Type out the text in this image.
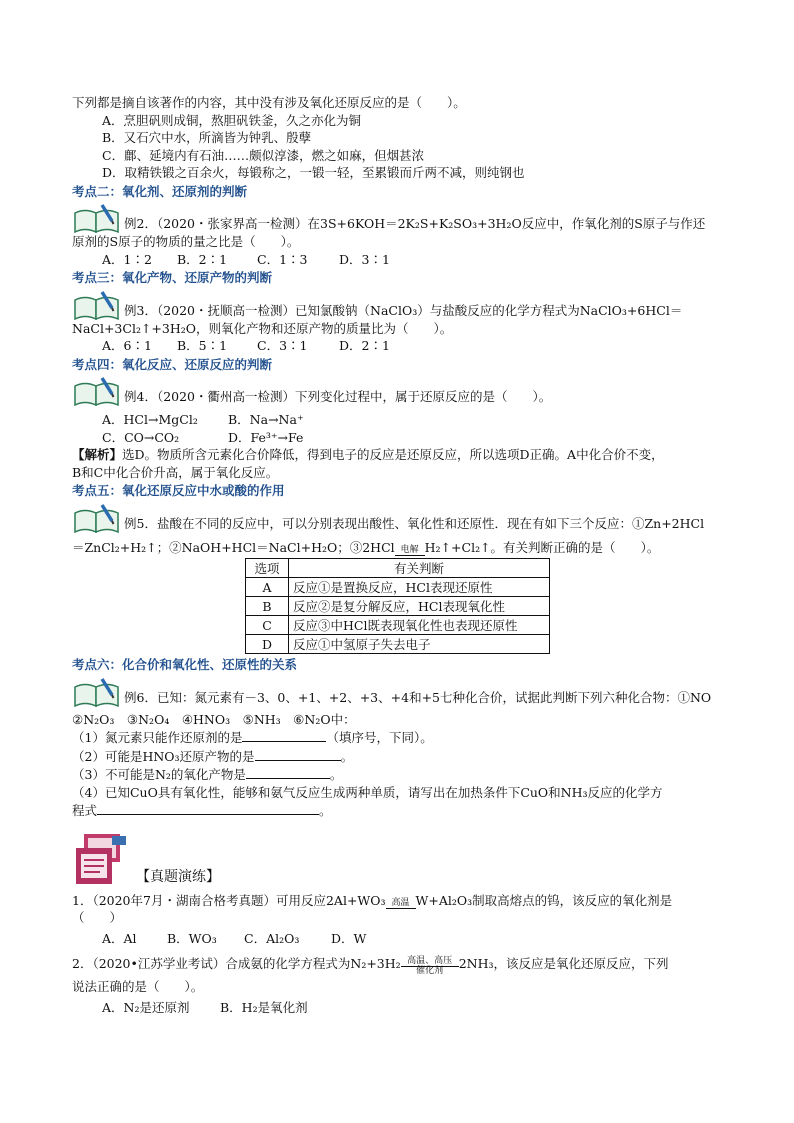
下列都是摘自该著作的内容，其中没有涉及氧化还原反应的是（　　）。
A．烹胆矾则成铜，熬胆矾铁釜，久之亦化为铜
B．又石穴中水，所滴皆为钟乳、殷孽
C．鄜、延境内有石油……颇似淳漆，燃之如麻，但烟甚浓
D．取精铁锻之百余火，每锻称之，一锻一轻，至累锻而斤两不减，则纯钢也
考点二：氧化剂、还原剂的判断
例2．（2020・张家界高一检测）在3S+6KOH＝2K₂S+K₂SO₃+3H₂O反应中，作氧化剂的S原子与作还
原剂的S原子的物质的量之比是（　　）。
A．1∶2 B．2∶1 C．1∶3	D．3∶1
考点三：氧化产物、还原产物的判断
例3．（2020・抚顺高一检测）已知氯酸钠（NaClO₃）与盐酸反应的化学方程式为NaClO₃+6HCl＝
NaCl+3Cl₂↑+3H₂O，则氧化产物和还原产物的质量比为（　　）。
A．6∶1 B．5∶1 C．3∶1	D．2∶1
考点四：氧化反应、还原反应的判断
例4．（2020・衢州高一检测）下列变化过程中，属于还原反应的是（　　）。
A．HCl→MgCl₂ B．Na→Na⁺
C．CO→CO₂	D．Fe³⁺→Fe
【解析】选D。物质所含元素化合价降低，得到电子的反应是还原反应，所以选项D正确。A中化合价不变，
B和C中化合价升高，属于氧化反应。
考点五：氧化还原反应中水或酸的作用
例5．盐酸在不同的反应中，可以分别表现出酸性、氧化性和还原性．现在有如下三个反应：①Zn+2HCl
＝ZnCl₂+H₂↑；②NaOH+HCl＝NaCl+H₂O；③2HCl 电解 H₂↑+Cl₂↑。有关判断正确的是（　　）。
选项	有关判断
A	反应①是置换反应，HCl表现还原性
B	反应②是复分解反应，HCl表现氧化性
C	反应③中HCl既表现氧化性也表现还原性
D	反应①中氢原子失去电子
考点六：化合价和氧化性、还原性的关系
例6．已知：氮元素有－3、0、+1、+2、+3、+4和+5七种化合价，试据此判断下列六种化合物：①NO
②N₂O₃　③N₂O₄　④HNO₃　⑤NH₃　⑥N₂O中：
（1）氮元素只能作还原剂的是	（填序号，下同）。
（2）可能是HNO₃还原产物的是	。
（3）不可能是N₂的氧化产物是	。
（4）已知CuO具有氧化性，能够和氨气反应生成两种单质，请写出在加热条件下CuO和NH₃反应的化学方
程式	。
【真题演练】
1．（2020年7月・湖南合格考真题）可用反应2Al+WO₃ 高温 W+Al₂O₃制取高熔点的钨，该反应的氧化剂是
（　　）
A．Al B．WO₃ C．Al₂O₃	D．W
2．（2020•江苏学业考试）合成氨的化学方程式为N₂+3H₂ 高温、高压
催化剂	2NH₃，该反应是氧化还原反应，下列
说法正确的是（　　）。
A．N₂是还原剂 B．H₂是氧化剂
